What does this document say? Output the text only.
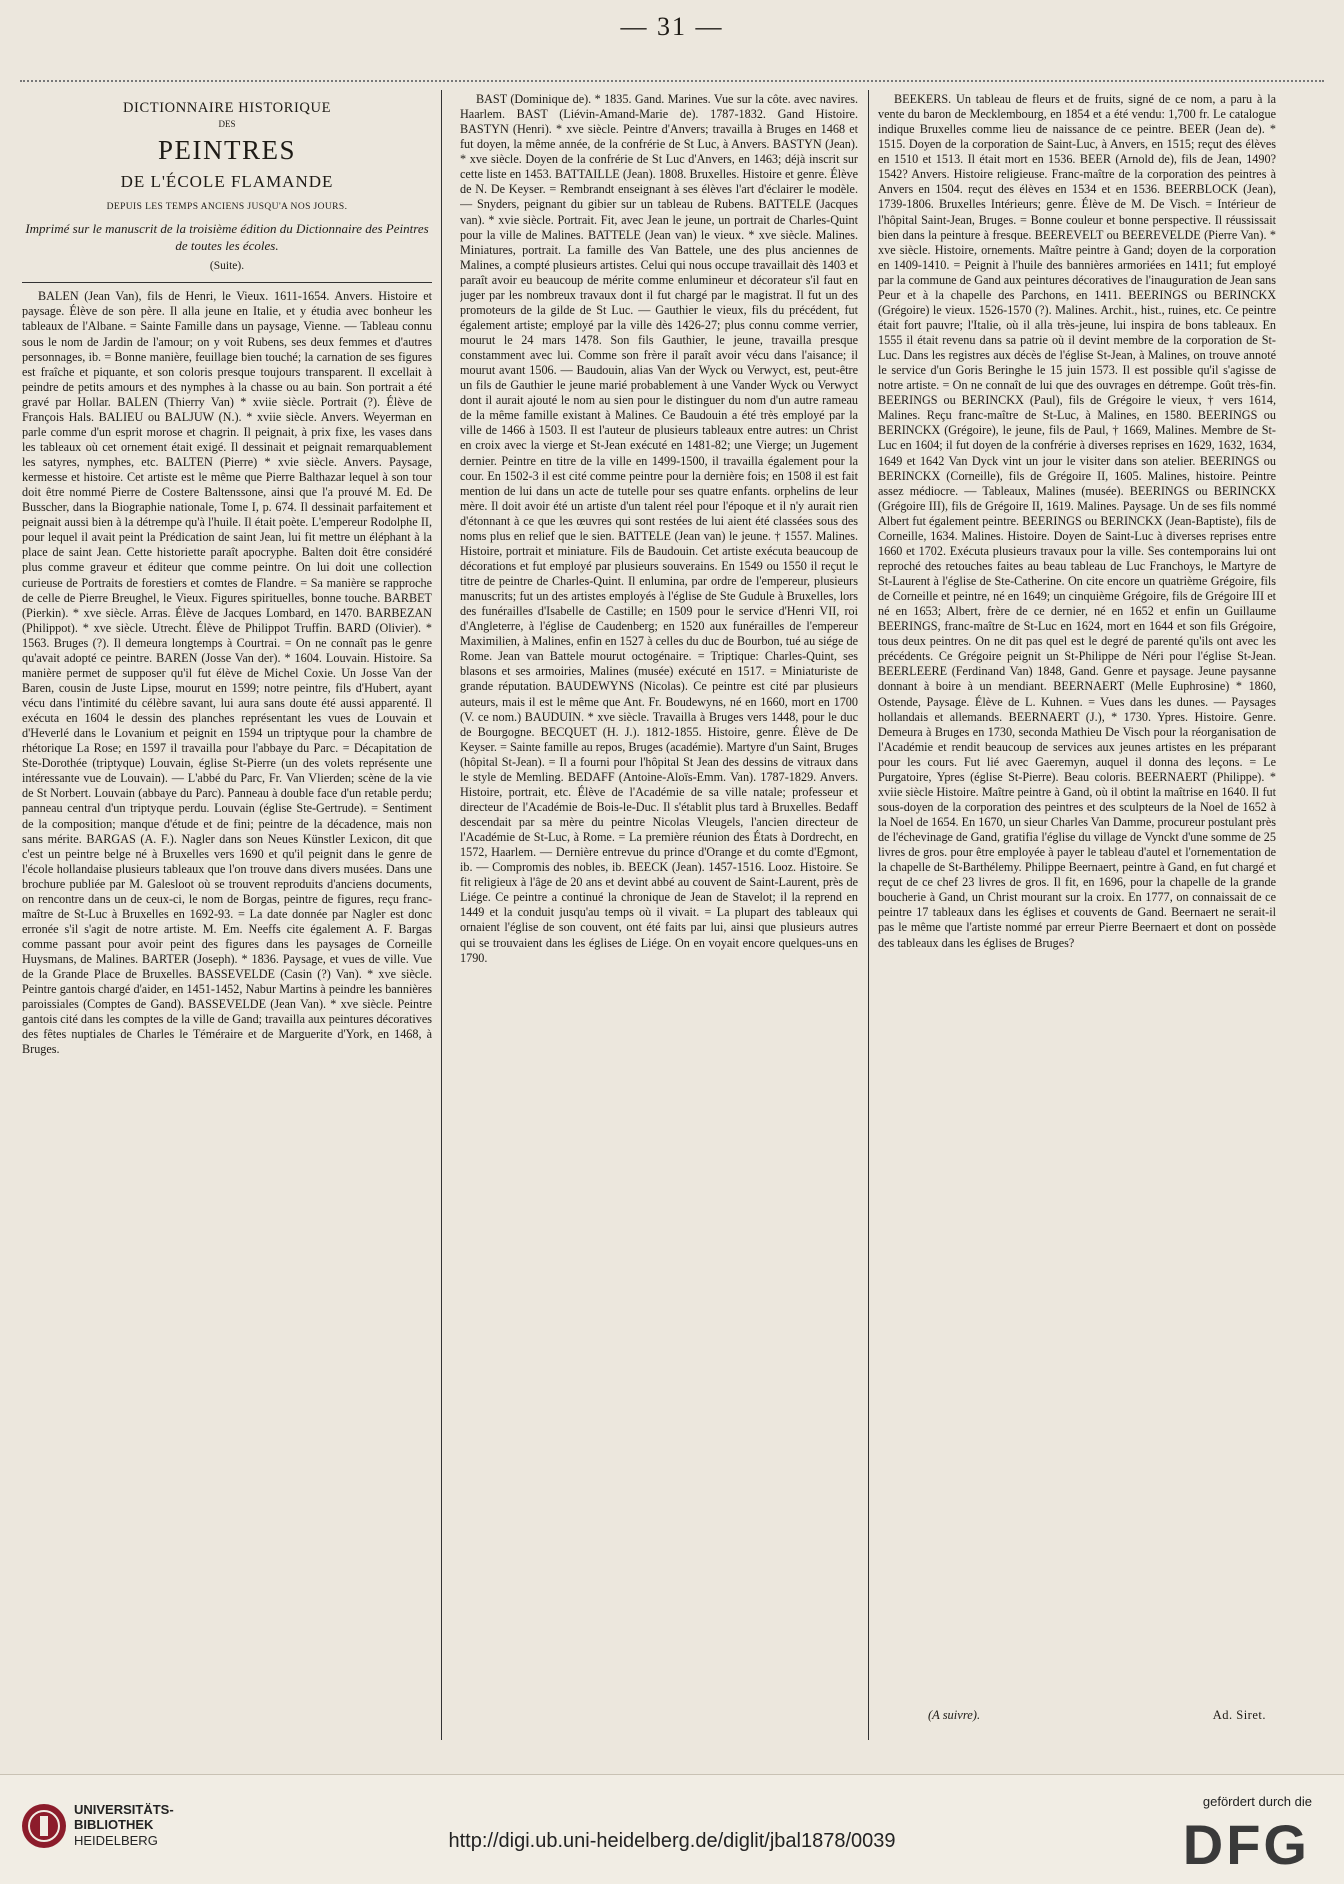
— 31 —
DICTIONNAIRE HISTORIQUE
DES
PEINTRES
DE L'ÉCOLE FLAMANDE
DEPUIS LES TEMPS ANCIENS JUSQU'A NOS JOURS.
Imprimé sur le manuscrit de la troisième édition du Dictionnaire des Peintres de toutes les écoles.
(Suite).

BALEN (Jean Van), fils de Henri, le Vieux. 1611-1654. Anvers. Histoire et paysage. Élève de son père. Il alla jeune en Italie, et y étudia avec bonheur les tableaux de l'Albane. = Sainte Famille dans un paysage, Vienne. — Tableau connu sous le nom de Jardin de l'amour; on y voit Rubens, ses deux femmes et d'autres personnages, ib. = Bonne manière, feuillage bien touché; la carnation de ses figures est fraîche et piquante, et son coloris presque toujours transparent. Il excellait à peindre de petits amours et des nymphes à la chasse ou au bain. Son portrait a été gravé par Hollar. BALEN (Thierry Van) * xviie siècle. Portrait (?). Élève de François Hals. BALIEU ou BALJUW (N.). * xviie siècle. Anvers. Weyerman en parle comme d'un esprit morose et chagrin. Il peignait, à prix fixe, les vases dans les tableaux où cet ornement était exigé. Il dessinait et peignait remarquablement les satyres, nymphes, etc. BALTEN (Pierre) * xvie siècle. Anvers. Paysage, kermesse et histoire. Cet artiste est le même que Pierre Balthazar lequel à son tour doit être nommé Pierre de Costere Baltenssone, ainsi que l'a prouvé M. Ed. De Busscher, dans la Biographie nationale, Tome I, p. 674. Il dessinait parfaitement et peignait aussi bien à la détrempe qu'à l'huile. Il était poète. L'empereur Rodolphe II, pour lequel il avait peint la Prédication de saint Jean, lui fit mettre un éléphant à la place de saint Jean. Cette historiette paraît apocryphe. Balten doit être considéré plus comme graveur et éditeur que comme peintre. On lui doit une collection curieuse de Portraits de forestiers et comtes de Flandre. = Sa manière se rapproche de celle de Pierre Breughel, le Vieux. Figures spirituelles, bonne touche. BARBET (Pierkin). * xve siècle. Arras. Élève de Jacques Lombard, en 1470. BARBEZAN (Philippot). * xve siècle. Utrecht. Élève de Philippot Truffin. BARD (Olivier). * 1563. Bruges (?). Il demeura longtemps à Courtrai. = On ne connaît pas le genre qu'avait adopté ce peintre. BAREN (Josse Van der). * 1604. Louvain. Histoire. Sa manière permet de supposer qu'il fut élève de Michel Coxie. Un Josse Van der Baren, cousin de Juste Lipse, mourut en 1599; notre peintre, fils d'Hubert, ayant vécu dans l'intimité du célèbre savant, lui aura sans doute été aussi apparenté. Il exécuta en 1604 le dessin des planches représentant les vues de Louvain et d'Heverlé dans le Lovanium et peignit en 1594 un triptyque pour la chambre de rhétorique La Rose; en 1597 il travailla pour l'abbaye du Parc. = Décapitation de Ste-Dorothée (triptyque) Louvain, église St-Pierre (un des volets représente une intéressante vue de Louvain). — L'abbé du Parc, Fr. Van Vlierden; scène de la vie de St Norbert. Louvain (abbaye du Parc). Panneau à double face d'un retable perdu; panneau central d'un triptyque perdu. Louvain (église Ste-Gertrude). = Sentiment de la composition; manque d'étude et de fini; peintre de la décadence, mais non sans mérite. BARGAS (A. F.). Nagler dans son Neues Künstler Lexicon, dit que c'est un peintre belge né à Bruxelles vers 1690 et qu'il peignit dans le genre de l'école hollandaise plusieurs tableaux que l'on trouve dans divers musées. Dans une brochure publiée par M. Galesloot où se trouvent reproduits d'anciens documents, on rencontre dans un de ceux-ci, le nom de Borgas, peintre de figures, reçu franc-maître de St-Luc à Bruxelles en 1692-93. = La date donnée par Nagler est donc erronée s'il s'agit de notre artiste. M. Em. Neeffs cite également A. F. Bargas comme passant pour avoir peint des figures dans les paysages de Corneille Huysmans, de Malines. BARTER (Joseph). * 1836. Paysage, et vues de ville. Vue de la Grande Place de Bruxelles. BASSEVELDE (Casin (?) Van). * xve siècle. Peintre gantois chargé d'aider, en 1451-1452, Nabur Martins à peindre les bannières paroissiales (Comptes de Gand). BASSEVELDE (Jean Van). * xve siècle. Peintre gantois cité dans les comptes de la ville de Gand; travailla aux peintures décoratives des fêtes nuptiales de Charles le Téméraire et de Marguerite d'York, en 1468, à Bruges.

BAST (Dominique de). * 1835. Gand. Marines. Vue sur la côte. avec navires. Haarlem. BAST (Liévin-Amand-Marie de). 1787-1832. Gand Histoire. BASTYN (Henri). * xve siècle. Peintre d'Anvers; travailla à Bruges en 1468 et fut doyen, la même année, de la confrérie de St Luc, à Anvers. BASTYN (Jean). * xve siècle. Doyen de la confrérie de St Luc d'Anvers, en 1463; déjà inscrit sur cette liste en 1453. BATTAILLE (Jean). 1808. Bruxelles. Histoire et genre. Élève de N. De Keyser. = Rembrandt enseignant à ses élèves l'art d'éclairer le modèle. — Snyders, peignant du gibier sur un tableau de Rubens. BATTELE (Jacques van). * xvie siècle. Portrait. Fit, avec Jean le jeune, un portrait de Charles-Quint pour la ville de Malines. BATTELE (Jean van) le vieux. * xve siècle. Malines. Miniatures, portrait. La famille des Van Battele, une des plus anciennes de Malines, a compté plusieurs artistes. Celui qui nous occupe travaillait dès 1403 et paraît avoir eu beaucoup de mérite comme enlumineur et décorateur s'il faut en juger par les nombreux travaux dont il fut chargé par le magistrat. Il fut un des promoteurs de la gilde de St Luc. — Gauthier le vieux, fils du précédent, fut également artiste; employé par la ville dès 1426-27; plus connu comme verrier, mourut le 24 mars 1478. Son fils Gauthier, le jeune, travailla presque constamment avec lui. Comme son frère il paraît avoir vécu dans l'aisance; il mourut avant 1506. — Baudouin, alias Van der Wyck ou Verwyct, est, peut-être un fils de Gauthier le jeune marié probablement à une Vander Wyck ou Verwyct dont il aurait ajouté le nom au sien pour le distinguer du nom d'un autre rameau de la même famille existant à Malines. Ce Baudouin a été très employé par la ville de 1466 à 1503. Il est l'auteur de plusieurs tableaux entre autres: un Christ en croix avec la vierge et St-Jean exécuté en 1481-82; une Vierge; un Jugement dernier. Peintre en titre de la ville en 1499-1500, il travailla également pour la cour. En 1502-3 il est cité comme peintre pour la dernière fois; en 1508 il est fait mention de lui dans un acte de tutelle pour ses quatre enfants. orphelins de leur mère. Il doit avoir été un artiste d'un talent réel pour l'époque et il n'y aurait rien d'étonnant à ce que les œuvres qui sont restées de lui aient été classées sous des noms plus en relief que le sien. BATTELE (Jean van) le jeune. † 1557. Malines. Histoire, portrait et miniature. Fils de Baudouin. Cet artiste exécuta beaucoup de décorations et fut employé par plusieurs souverains. En 1549 ou 1550 il reçut le titre de peintre de Charles-Quint. Il enlumina, par ordre de l'empereur, plusieurs manuscrits; fut un des artistes employés à l'église de Ste Gudule à Bruxelles, lors des funérailles d'Isabelle de Castille; en 1509 pour le service d'Henri VII, roi d'Angleterre, à l'église de Caudenberg; en 1520 aux funérailles de l'empereur Maximilien, à Malines, enfin en 1527 à celles du duc de Bourbon, tué au siége de Rome. Jean van Battele mourut octogénaire. = Triptique: Charles-Quint, ses blasons et ses armoiries, Malines (musée) exécuté en 1517. = Miniaturiste de grande réputation. BAUDEWYNS (Nicolas). Ce peintre est cité par plusieurs auteurs, mais il est le même que Ant. Fr. Boudewyns, né en 1660, mort en 1700 (V. ce nom.) BAUDUIN. * xve siècle. Travailla à Bruges vers 1448, pour le duc de Bourgogne. BECQUET (H. J.). 1812-1855. Histoire, genre. Élève de De Keyser. = Sainte famille au repos, Bruges (académie). Martyre d'un Saint, Bruges (hôpital St-Jean). = Il a fourni pour l'hôpital St Jean des dessins de vitraux dans le style de Memling. BEDAFF (Antoine-Aloïs-Emm. Van). 1787-1829. Anvers. Histoire, portrait, etc. Élève de l'Académie de sa ville natale; professeur et directeur de l'Académie de Bois-le-Duc. Il s'établit plus tard à Bruxelles. Bedaff descendait par sa mère du peintre Nicolas Vleugels, l'ancien directeur de l'Académie de St-Luc, à Rome. = La première réunion des États à Dordrecht, en 1572, Haarlem. — Dernière entrevue du prince d'Orange et du comte d'Egmont, ib. — Compromis des nobles, ib. BEECK (Jean). 1457-1516. Looz. Histoire. Se fit religieux à l'âge de 20 ans et devint abbé au couvent de Saint-Laurent, près de Liége. Ce peintre a continué la chronique de Jean de Stavelot; il la reprend en 1449 et la conduit jusqu'au temps où il vivait. = La plupart des tableaux qui ornaient l'église de son couvent, ont été faits par lui, ainsi que plusieurs autres qui se trouvaient dans les églises de Liége. On en voyait encore quelques-uns en 1790.

BEEKERS. Un tableau de fleurs et de fruits, signé de ce nom, a paru à la vente du baron de Mecklembourg, en 1854 et a été vendu: 1,700 fr. Le catalogue indique Bruxelles comme lieu de naissance de ce peintre. BEER (Jean de). * 1515. Doyen de la corporation de Saint-Luc, à Anvers, en 1515; reçut des élèves en 1510 et 1513. Il était mort en 1536. BEER (Arnold de), fils de Jean, 1490? 1542? Anvers. Histoire religieuse. Franc-maître de la corporation des peintres à Anvers en 1504. reçut des élèves en 1534 et en 1536. BEERBLOCK (Jean), 1739-1806. Bruxelles Intérieurs; genre. Élève de M. De Visch. = Intérieur de l'hôpital Saint-Jean, Bruges. = Bonne couleur et bonne perspective. Il réussissait bien dans la peinture à fresque. BEEREVELT ou BEEREVELDE (Pierre Van). * xve siècle. Histoire, ornements. Maître peintre à Gand; doyen de la corporation en 1409-1410. = Peignit à l'huile des bannières armoriées en 1411; fut employé par la commune de Gand aux peintures décoratives de l'inauguration de Jean sans Peur et à la chapelle des Parchons, en 1411. BEERINGS ou BERINCKX (Grégoire) le vieux. 1526-1570 (?). Malines. Archit., hist., ruines, etc. Ce peintre était fort pauvre; l'Italie, où il alla très-jeune, lui inspira de bons tableaux. En 1555 il était revenu dans sa patrie où il devint membre de la corporation de St-Luc. Dans les registres aux décès de l'église St-Jean, à Malines, on trouve annoté le service d'un Goris Beringhe le 15 juin 1573. Il est possible qu'il s'agisse de notre artiste. = On ne connaît de lui que des ouvrages en détrempe. Goût très-fin. BEERINGS ou BERINCKX (Paul), fils de Grégoire le vieux, † vers 1614, Malines. Reçu franc-maître de St-Luc, à Malines, en 1580. BEERINGS ou BERINCKX (Grégoire), le jeune, fils de Paul, † 1669, Malines. Membre de St-Luc en 1604; il fut doyen de la confrérie à diverses reprises en 1629, 1632, 1634, 1649 et 1642 Van Dyck vint un jour le visiter dans son atelier. BEERINGS ou BERINCKX (Corneille), fils de Grégoire II, 1605. Malines, histoire. Peintre assez médiocre. — Tableaux, Malines (musée). BEERINGS ou BERINCKX (Grégoire III), fils de Grégoire II, 1619. Malines. Paysage. Un de ses fils nommé Albert fut également peintre. BEERINGS ou BERINCKX (Jean-Baptiste), fils de Corneille, 1634. Malines. Histoire. Doyen de Saint-Luc à diverses reprises entre 1660 et 1702. Exécuta plusieurs travaux pour la ville. Ses contemporains lui ont reproché des retouches faites au beau tableau de Luc Franchoys, le Martyre de St-Laurent à l'église de Ste-Catherine. On cite encore un quatrième Grégoire, fils de Corneille et peintre, né en 1649; un cinquième Grégoire, fils de Grégoire III et né en 1653; Albert, frère de ce dernier, né en 1652 et enfin un Guillaume BEERINGS, franc-maître de St-Luc en 1624, mort en 1644 et son fils Grégoire, tous deux peintres. On ne dit pas quel est le degré de parenté qu'ils ont avec les précédents. Ce Grégoire peignit un St-Philippe de Néri pour l'église St-Jean. BEERLEERE (Ferdinand Van) 1848, Gand. Genre et paysage. Jeune paysanne donnant à boire à un mendiant. BEERNAERT (Melle Euphrosine) * 1860, Ostende, Paysage. Élève de L. Kuhnen. = Vues dans les dunes. — Paysages hollandais et allemands. BEERNAERT (J.), * 1730. Ypres. Histoire. Genre. Demeura à Bruges en 1730, seconda Mathieu De Visch pour la réorganisation de l'Académie et rendit beaucoup de services aux jeunes artistes en les préparant pour les cours. Fut lié avec Gaeremyn, auquel il donna des leçons. = Le Purgatoire, Ypres (église St-Pierre). Beau coloris. BEERNAERT (Philippe). * xviie siècle Histoire. Maître peintre à Gand, où il obtint la maîtrise en 1640. Il fut sous-doyen de la corporation des peintres et des sculpteurs de la Noel de 1652 à la Noel de 1654. En 1670, un sieur Charles Van Damme, procureur postulant près de l'échevinage de Gand, gratifia l'église du village de Vynckt d'une somme de 25 livres de gros. pour être employée à payer le tableau d'autel et l'ornementation de la chapelle de St-Barthélemy. Philippe Beernaert, peintre à Gand, en fut chargé et reçut de ce chef 23 livres de gros. Il fit, en 1696, pour la chapelle de la grande boucherie à Gand, un Christ mourant sur la croix. En 1777, on connaissait de ce peintre 17 tableaux dans les églises et couvents de Gand. Beernaert ne serait-il pas le même que l'artiste nommé par erreur Pierre Beernaert et dont on possède des tableaux dans les églises de Bruges?

(A suivre).	Ad. Siret.
UNIVERSITÄTS-
BIBLIOTHEK
HEIDELBERG	http://digi.ub.uni-heidelberg.de/diglit/jbal1878/0039
gefördert durch die
DFG
